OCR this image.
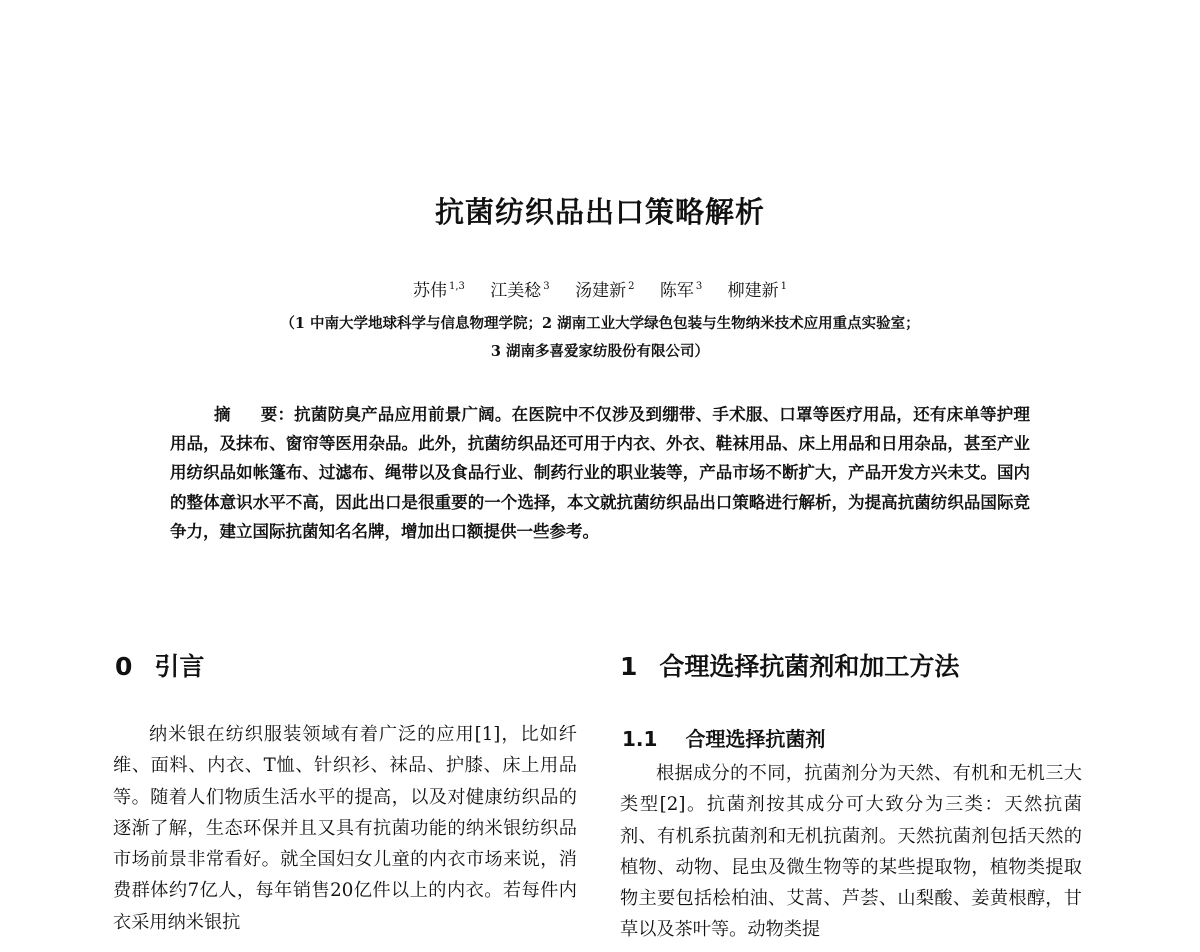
抗菌纺织品出口策略解析
苏伟 $^{1,3}$ 江美稔 $^3$ 汤建新 $^2$ 陈军 $^3$ 柳建新 $^1$
（1 中南大学地球科学与信息物理学院；2 湖南工业大学绿色包装与生物纳米技术应用重点实验室；
3 湖南多喜爱家纺股份有限公司）
摘 要：抗菌防臭产品应用前景广阔。在医院中不仅涉及到绷带、手术服、口罩等医疗用品，还有床单等护理用品，及抹布、窗帘等医用杂品。此外，抗菌纺织品还可用于内衣、外衣、鞋袜用品、床上用品和日用杂品，甚至产业用纺织品如帐篷布、过滤布、绳带以及食品行业、制药行业的职业装等，产品市场不断扩大，产品开发方兴未艾。国内的整体意识水平不高，因此出口是很重要的一个选择，本文就抗菌纺织品出口策略进行解析，为提高抗菌纺织品国际竞争力，建立国际抗菌知名名牌，增加出口额提供一些参考。
0 引言
纳米银在纺织服装领域有着广泛的应用[1]，比如纤维、面料、内衣、T恤、针织衫、袜品、护膝、床上用品等。随着人们物质生活水平的提高，以及对健康纺织品的逐渐了解，生态环保并且又具有抗菌功能的纳米银纺织品市场前景非常看好。就全国妇女儿童的内衣市场来说，消费群体约7亿人，每年销售20亿件以上的内衣。若每件内衣采用纳米银抗
1 合理选择抗菌剂和加工方法
1.1 合理选择抗菌剂
根据成分的不同，抗菌剂分为天然、有机和无机三大类型[2]。抗菌剂按其成分可大致分为三类：天然抗菌剂、有机系抗菌剂和无机抗菌剂。天然抗菌剂包括天然的植物、动物、昆虫及微生物等的某些提取物，植物类提取物主要包括桧柏油、艾蒿、芦荟、山梨酸、姜黄根醇，甘草以及茶叶等。动物类提
